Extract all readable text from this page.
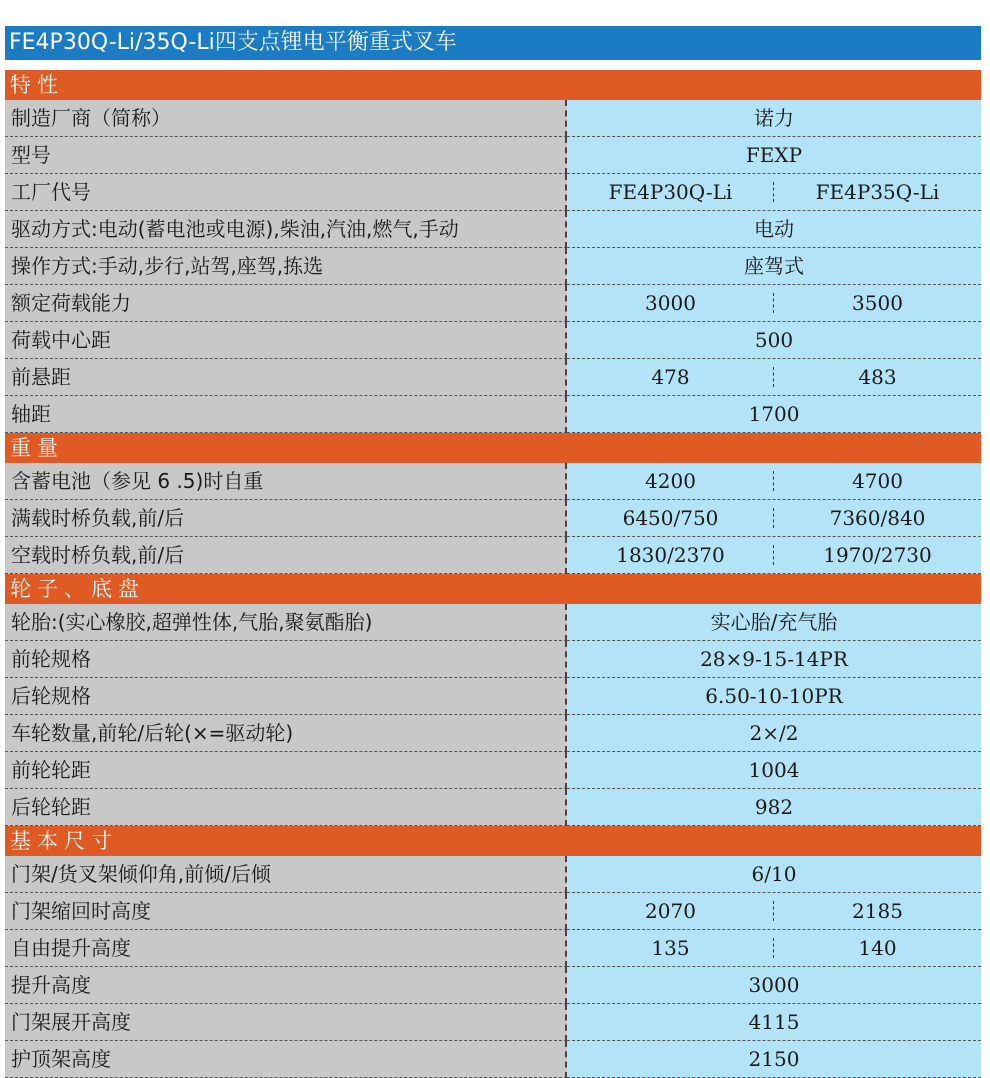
FE4P30Q-Li/35Q-Li四支点锂电平衡重式叉车
特性
制造厂商（简称）	诺力
型号	FEXP
工厂代号	FE4P30Q-Li	FE4P35Q-Li
驱动方式:电动(蓄电池或电源),柴油,汽油,燃气,手动	电动
操作方式:手动,步行,站驾,座驾,拣选	座驾式
额定荷载能力	3000	3500
荷载中心距	500
前悬距	478	483
轴距	1700
重量
含蓄电池（参见 6 .5)时自重	4200	4700
满载时桥负载,前/后	6450/750	7360/840
空载时桥负载,前/后	1830/2370	1970/2730
轮子、底盘
轮胎:(实心橡胶,超弹性体,气胎,聚氨酯胎)	实心胎/充气胎
前轮规格	28×9-15-14PR
后轮规格	6.50-10-10PR
车轮数量,前轮/后轮(×=驱动轮)	2×/2
前轮轮距	1004
后轮轮距	982
基本尺寸
门架/货叉架倾仰角,前倾/后倾	6/10
门架缩回时高度	2070	2185
自由提升高度	135	140
提升高度	3000
门架展开高度	4115
护顶架高度	2150
